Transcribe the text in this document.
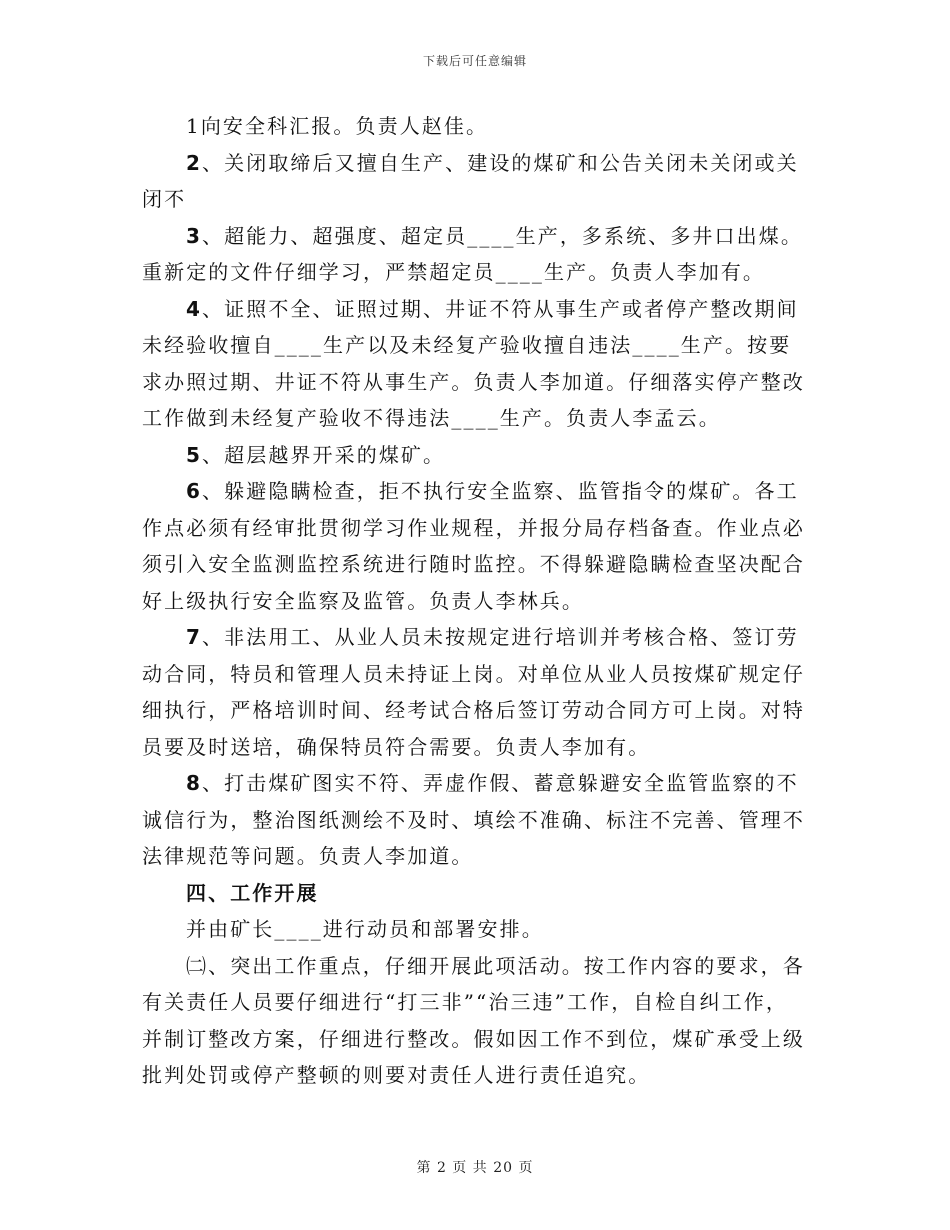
下载后可任意编辑

1向安全科汇报。负责人赵佳。

2、关闭取缔后又擅自生产、建设的煤矿和公告关闭未关闭或关闭不

3、超能力、超强度、超定员____生产，多系统、多井口出煤。重新定的文件仔细学习，严禁超定员____生产。负责人李加有。

4、证照不全、证照过期、井证不符从事生产或者停产整改期间未经验收擅自____生产以及未经复产验收擅自违法____生产。按要求办照过期、井证不符从事生产。负责人李加道。仔细落实停产整改工作做到未经复产验收不得违法____生产。负责人李孟云。

5、超层越界开采的煤矿。

6、躲避隐瞒检查，拒不执行安全监察、监管指令的煤矿。各工作点必须有经审批贯彻学习作业规程，并报分局存档备查。作业点必须引入安全监测监控系统进行随时监控。不得躲避隐瞒检查坚决配合好上级执行安全监察及监管。负责人李林兵。

7、非法用工、从业人员未按规定进行培训并考核合格、签订劳动合同，特员和管理人员未持证上岗。对单位从业人员按煤矿规定仔细执行，严格培训时间、经考试合格后签订劳动合同方可上岗。对特员要及时送培，确保特员符合需要。负责人李加有。

8、打击煤矿图实不符、弄虚作假、蓄意躲避安全监管监察的不诚信行为，整治图纸测绘不及时、填绘不准确、标注不完善、管理不法律规范等问题。负责人李加道。

四、工作开展

并由矿长____进行动员和部署安排。

㈡、突出工作重点，仔细开展此项活动。按工作内容的要求，各有关责任人员要仔细进行“打三非”“治三违”工作，自检自纠工作，并制订整改方案，仔细进行整改。假如因工作不到位，煤矿承受上级批判处罚或停产整顿的则要对责任人进行责任追究。

第 2 页 共 20 页
